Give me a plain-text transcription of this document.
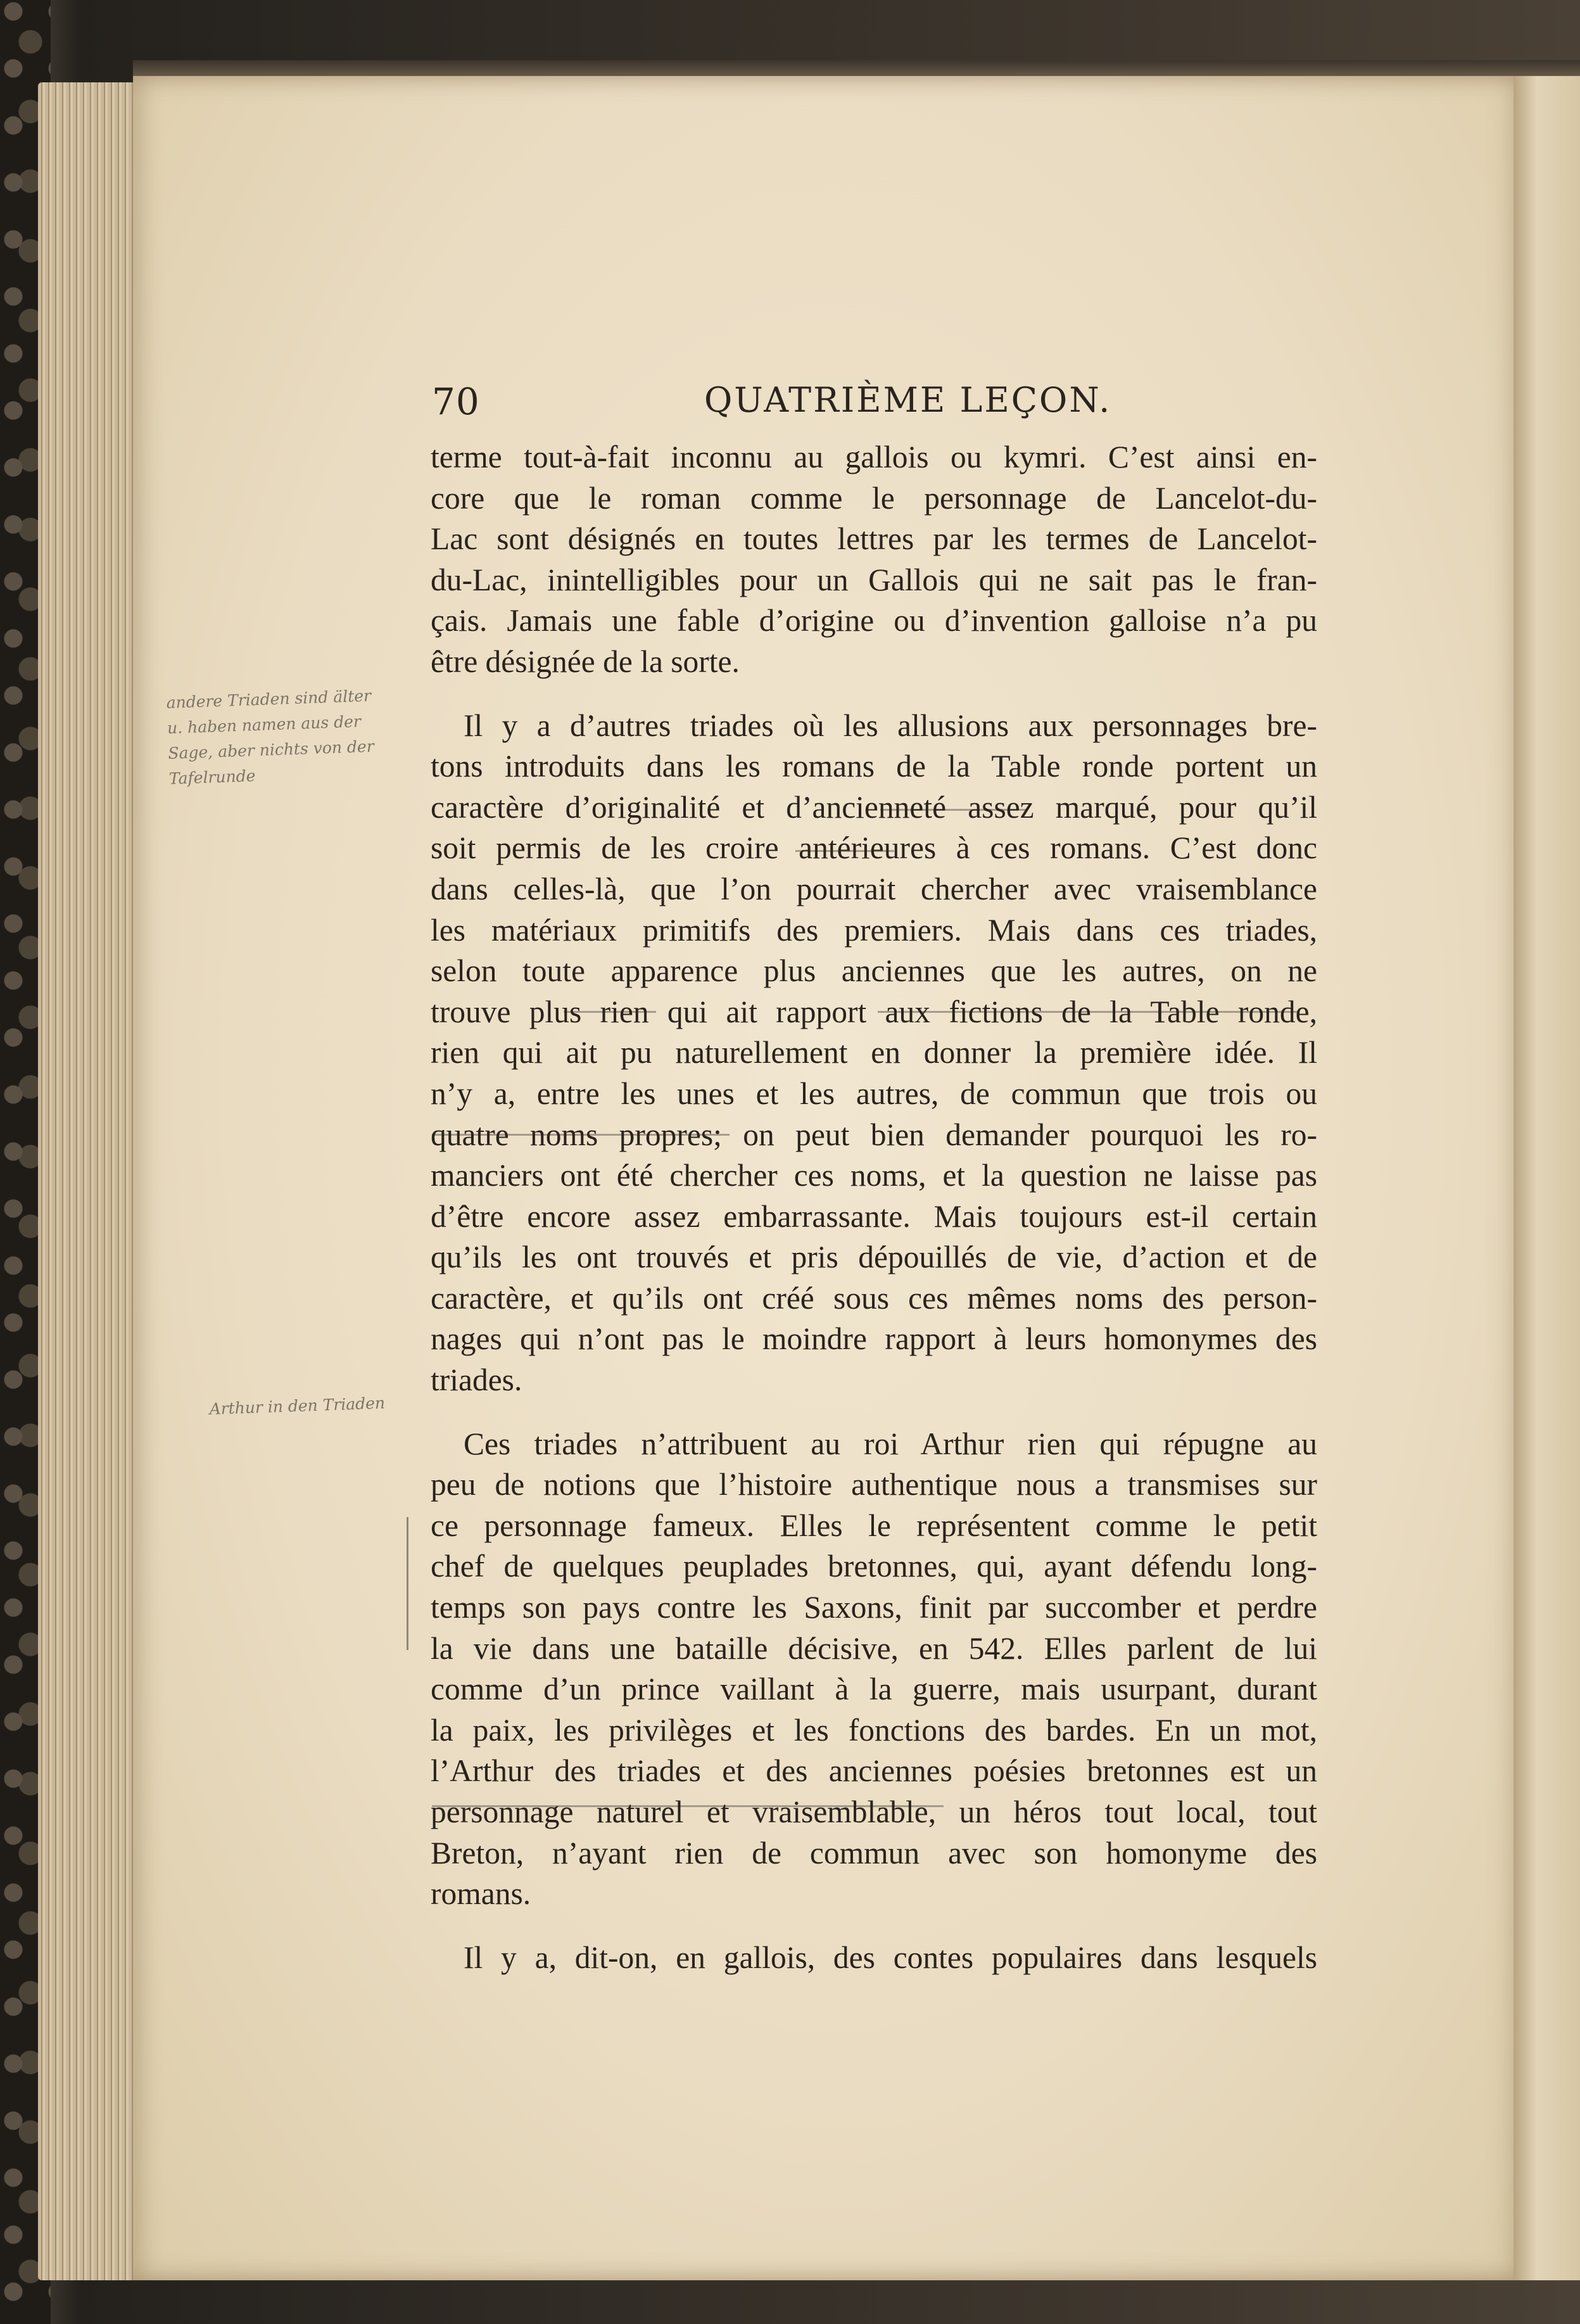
70	QUATRIÈME LEÇON.
andere Triaden sind älter
u. haben namen aus der
Sage, aber nichts von der
Tafelrunde
Arthur in den Triaden

terme tout-à-fait inconnu au gallois ou kymri. C’est ainsi en-
core que le roman comme le personnage de Lancelot-du-
Lac sont désignés en toutes lettres par les termes de Lancelot-
du-Lac, inintelligibles pour un Gallois qui ne sait pas le fran-
çais. Jamais une fable d’origine ou d’invention galloise n’a pu
être désignée de la sorte.

Il y a d’autres triades où les allusions aux personnages bre-
tons introduits dans les romans de la Table ronde portent un
caractère d’originalité et d’ancienneté assez marqué, pour qu’il
soit permis de les croire antérieures à ces romans. C’est donc
dans celles-là, que l’on pourrait chercher avec vraisemblance
les matériaux primitifs des premiers. Mais dans ces triades,
selon toute apparence plus anciennes que les autres, on ne
trouve plus rien qui ait rapport aux fictions de la Table ronde,
rien qui ait pu naturellement en donner la première idée. Il
n’y a, entre les unes et les autres, de commun que trois ou
quatre noms propres; on peut bien demander pourquoi les ro-
manciers ont été chercher ces noms, et la question ne laisse pas
d’être encore assez embarrassante. Mais toujours est-il certain
qu’ils les ont trouvés et pris dépouillés de vie, d’action et de
caractère, et qu’ils ont créé sous ces mêmes noms des person-
nages qui n’ont pas le moindre rapport à leurs homonymes des
triades.

Ces triades n’attribuent au roi Arthur rien qui répugne au
peu de notions que l’histoire authentique nous a transmises sur
ce personnage fameux. Elles le représentent comme le petit
chef de quelques peuplades bretonnes, qui, ayant défendu long-
temps son pays contre les Saxons, finit par succomber et perdre
la vie dans une bataille décisive, en 542. Elles parlent de lui
comme d’un prince vaillant à la guerre, mais usurpant, durant
la paix, les privilèges et les fonctions des bardes. En un mot,
l’Arthur des triades et des anciennes poésies bretonnes est un
personnage naturel et vraisemblable, un héros tout local, tout
Breton, n’ayant rien de commun avec son homonyme des
romans.

Il y a, dit-on, en gallois, des contes populaires dans lesquels
